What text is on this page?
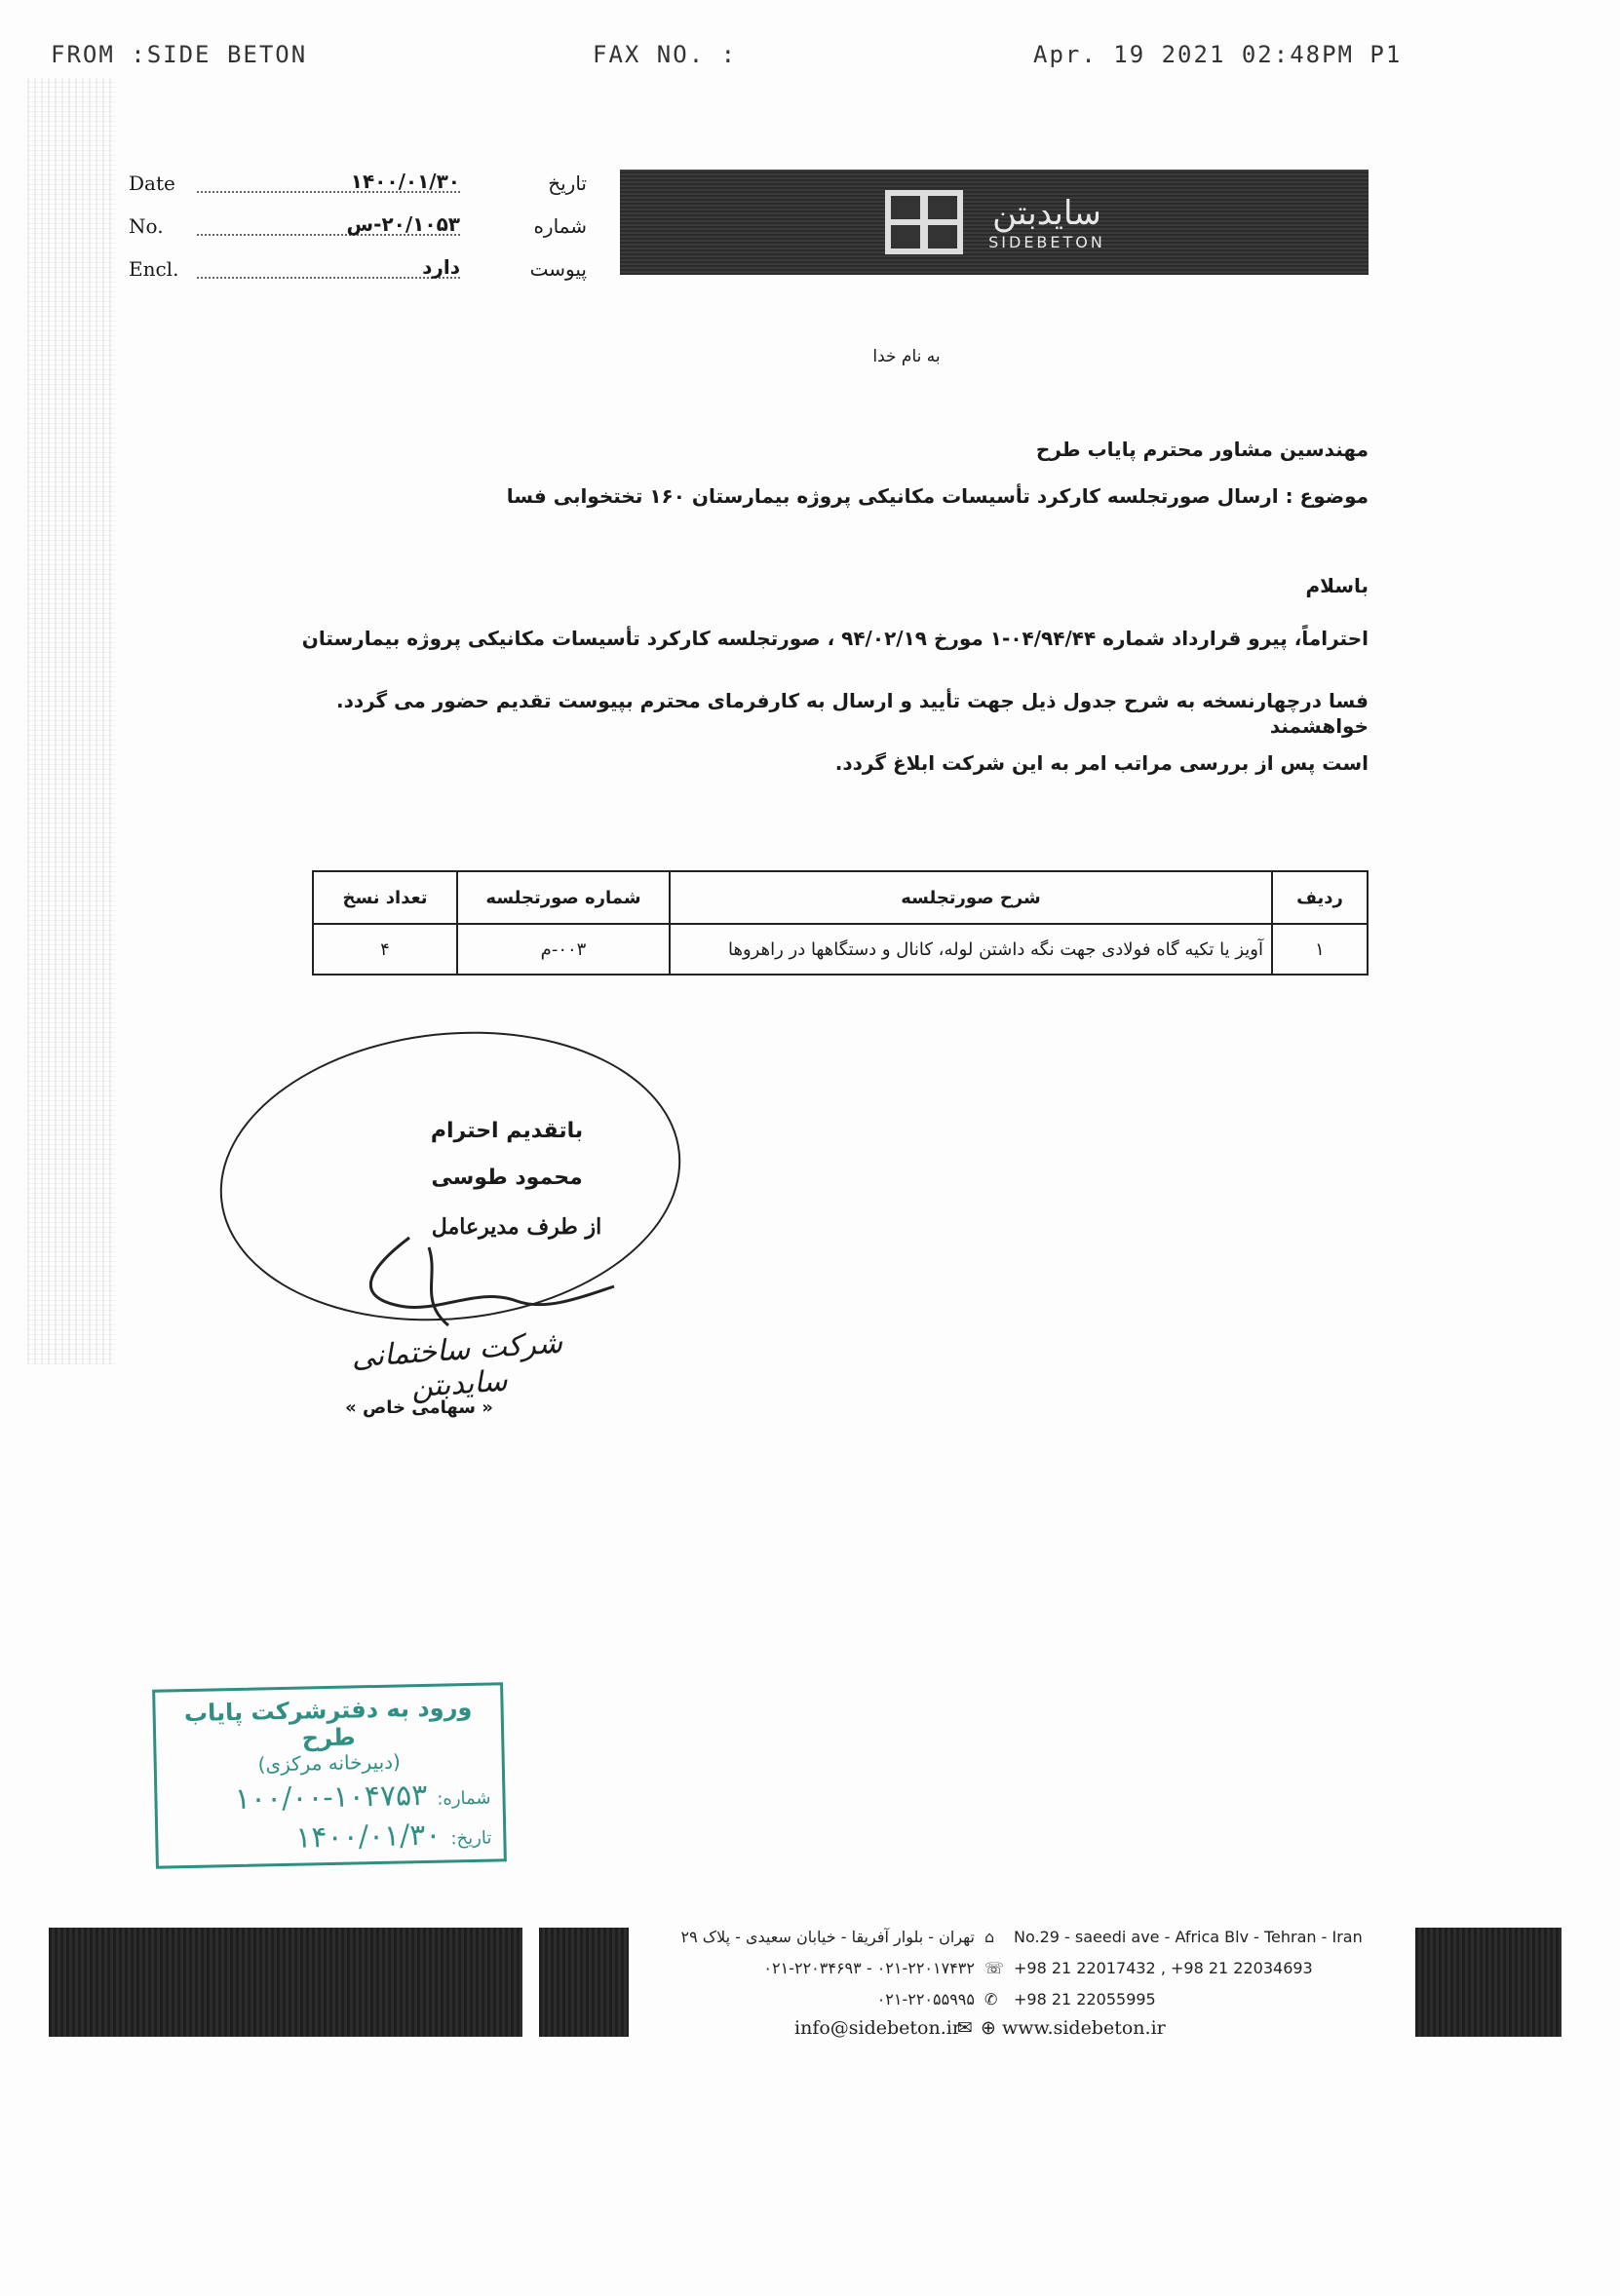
FROM :SIDE BETON	FAX NO. :	Apr. 19 2021 02:48PM P1
Date	۱۴۰۰/۰۱/۳۰	تاریخ
No.	۲۰/۱۰۵۳-س	شماره
Encl.	دارد	پیوست
سایدبتن
SIDEBETON
به نام خدا
مهندسین مشاور محترم پایاب طرح
موضوع : ارسال صورتجلسه کارکرد تأسیسات مکانیکی پروژه بیمارستان ۱۶۰ تختخوابی فسا
باسلام
احتراماً، پیرو قرارداد شماره ۰۴/۹۴/۴۴-۱ مورخ ۹۴/۰۲/۱۹ ، صورتجلسه کارکرد تأسیسات مکانیکی پروژه بیمارستان
فسا درچهارنسخه به شرح جدول ذیل جهت تأیید و ارسال به کارفرمای محترم بپیوست تقدیم حضور می گردد. خواهشمند
است پس از بررسی مراتب امر به این شرکت ابلاغ گردد.
ردیف	شرح صورتجلسه	شماره صورتجلسه	تعداد نسخ
۱	آویز یا تکیه گاه فولادی جهت نگه داشتن لوله، کانال و دستگاهها در راهروها	۰۰۳-م	۴
باتقدیم احترام
محمود طوسی
از طرف مدیرعامل
شرکت ساختمانی سایدبتن
« سهامی خاص »
ورود به دفترشرکت پایاب طرح
(دبیرخانه مرکزی)
شماره:
۱۰۰/۰۰-۱۰۴۷۵۳
تاریخ:
۱۴۰۰/۰۱/۳۰
تهران - بلوار آفریقا - خیابان سعیدی - پلاک ۲۹ ⌂	No.29 - saeedi ave - Africa Blv - Tehran - Iran
۰۲۱-۲۲۰۱۷۴۳۲ - ۰۲۱-۲۲۰۳۴۶۹۳ ☏ +98 21 22017432 , +98 21 22034693
۰۲۱-۲۲۰۵۵۹۹۵ ✆	+98 21 22055995
info@sidebeton.ir
✉ ⊕ www.sidebeton.ir
